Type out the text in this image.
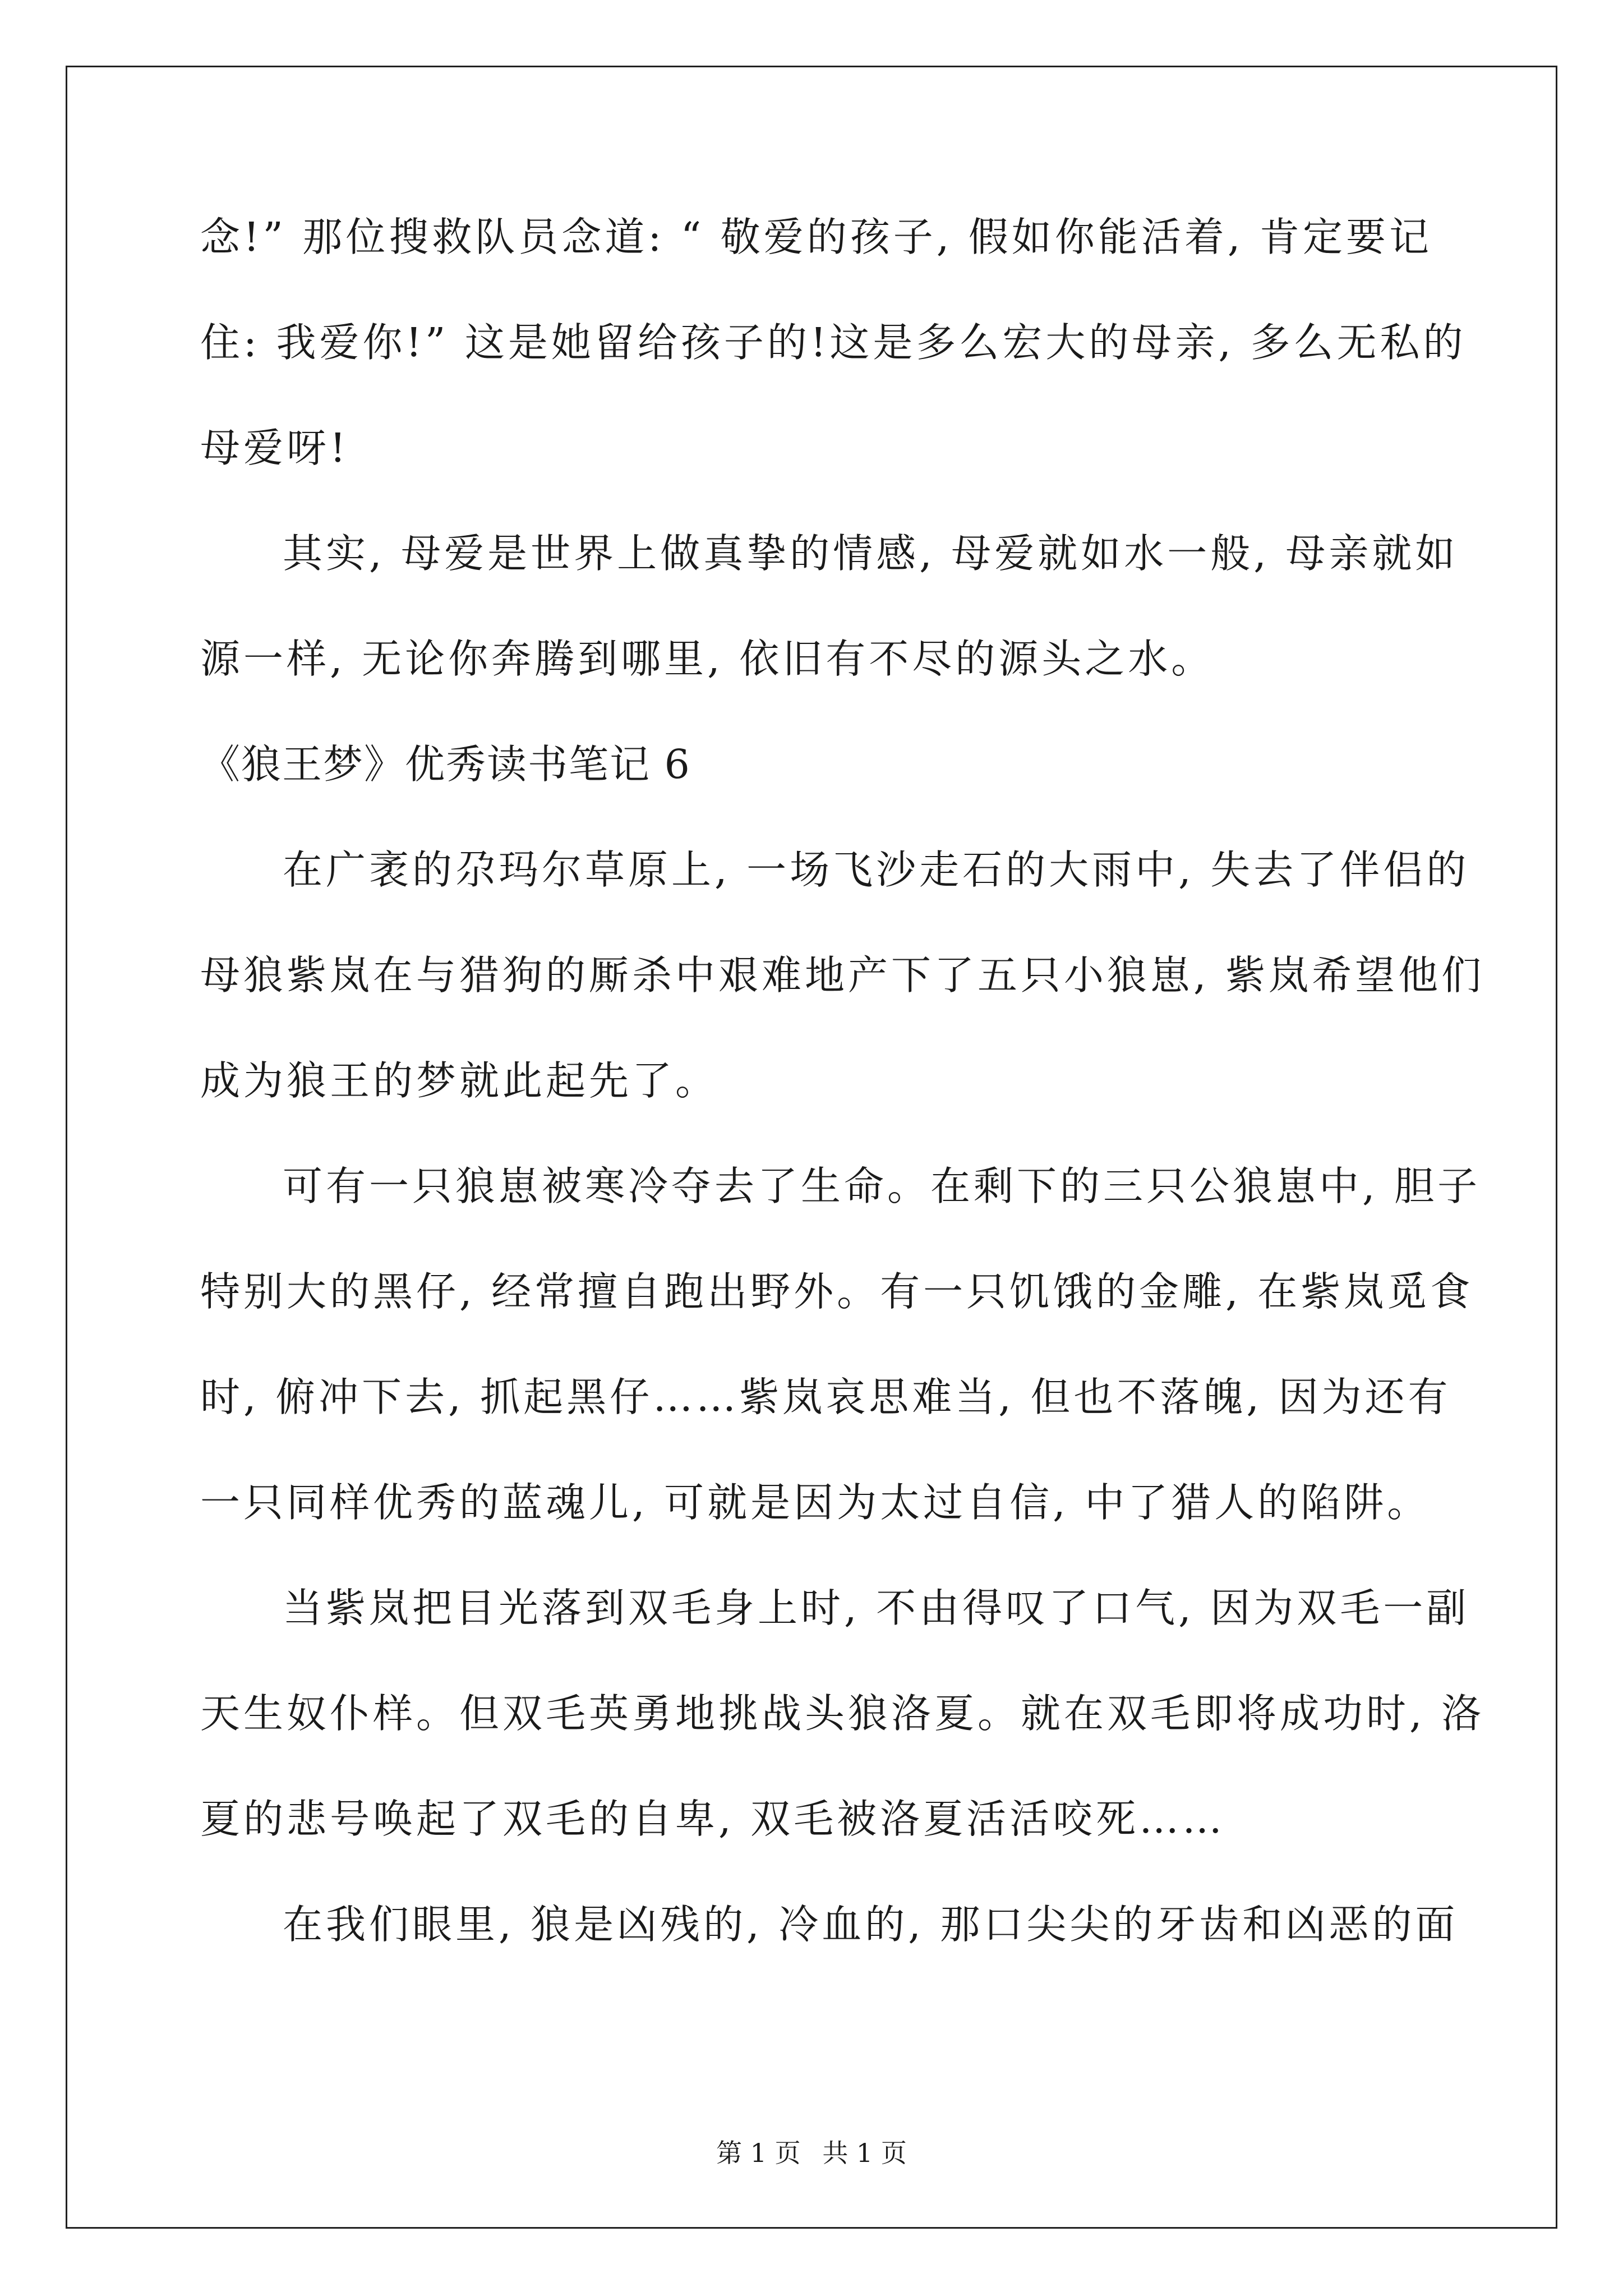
念!” 那位搜救队员念道: “ 敬爱的孩子, 假如你能活着, 肯定要记
住: 我爱你!” 这是她留给孩子的!这是多么宏大的母亲, 多么无私的
母爱呀!
其实, 母爱是世界上做真挚的情感, 母爱就如水一般, 母亲就如
源一样, 无论你奔腾到哪里, 依旧有不尽的源头之水。
《狼王梦》优秀读书笔记 6
在广袤的尕玛尔草原上, 一场飞沙走石的大雨中, 失去了伴侣的
母狼紫岚在与猎狗的厮杀中艰难地产下了五只小狼崽, 紫岚希望他们
成为狼王的梦就此起先了。
可有一只狼崽被寒冷夺去了生命。在剩下的三只公狼崽中, 胆子
特别大的黑仔, 经常擅自跑出野外。有一只饥饿的金雕, 在紫岚觅食
时, 俯冲下去, 抓起黑仔……紫岚哀思难当, 但也不落魄, 因为还有
一只同样优秀的蓝魂儿, 可就是因为太过自信, 中了猎人的陷阱。
当紫岚把目光落到双毛身上时, 不由得叹了口气, 因为双毛一副
天生奴仆样。但双毛英勇地挑战头狼洛夏。就在双毛即将成功时, 洛
夏的悲号唤起了双毛的自卑, 双毛被洛夏活活咬死……
在我们眼里, 狼是凶残的, 冷血的, 那口尖尖的牙齿和凶恶的面
第 1 页 共 1 页
